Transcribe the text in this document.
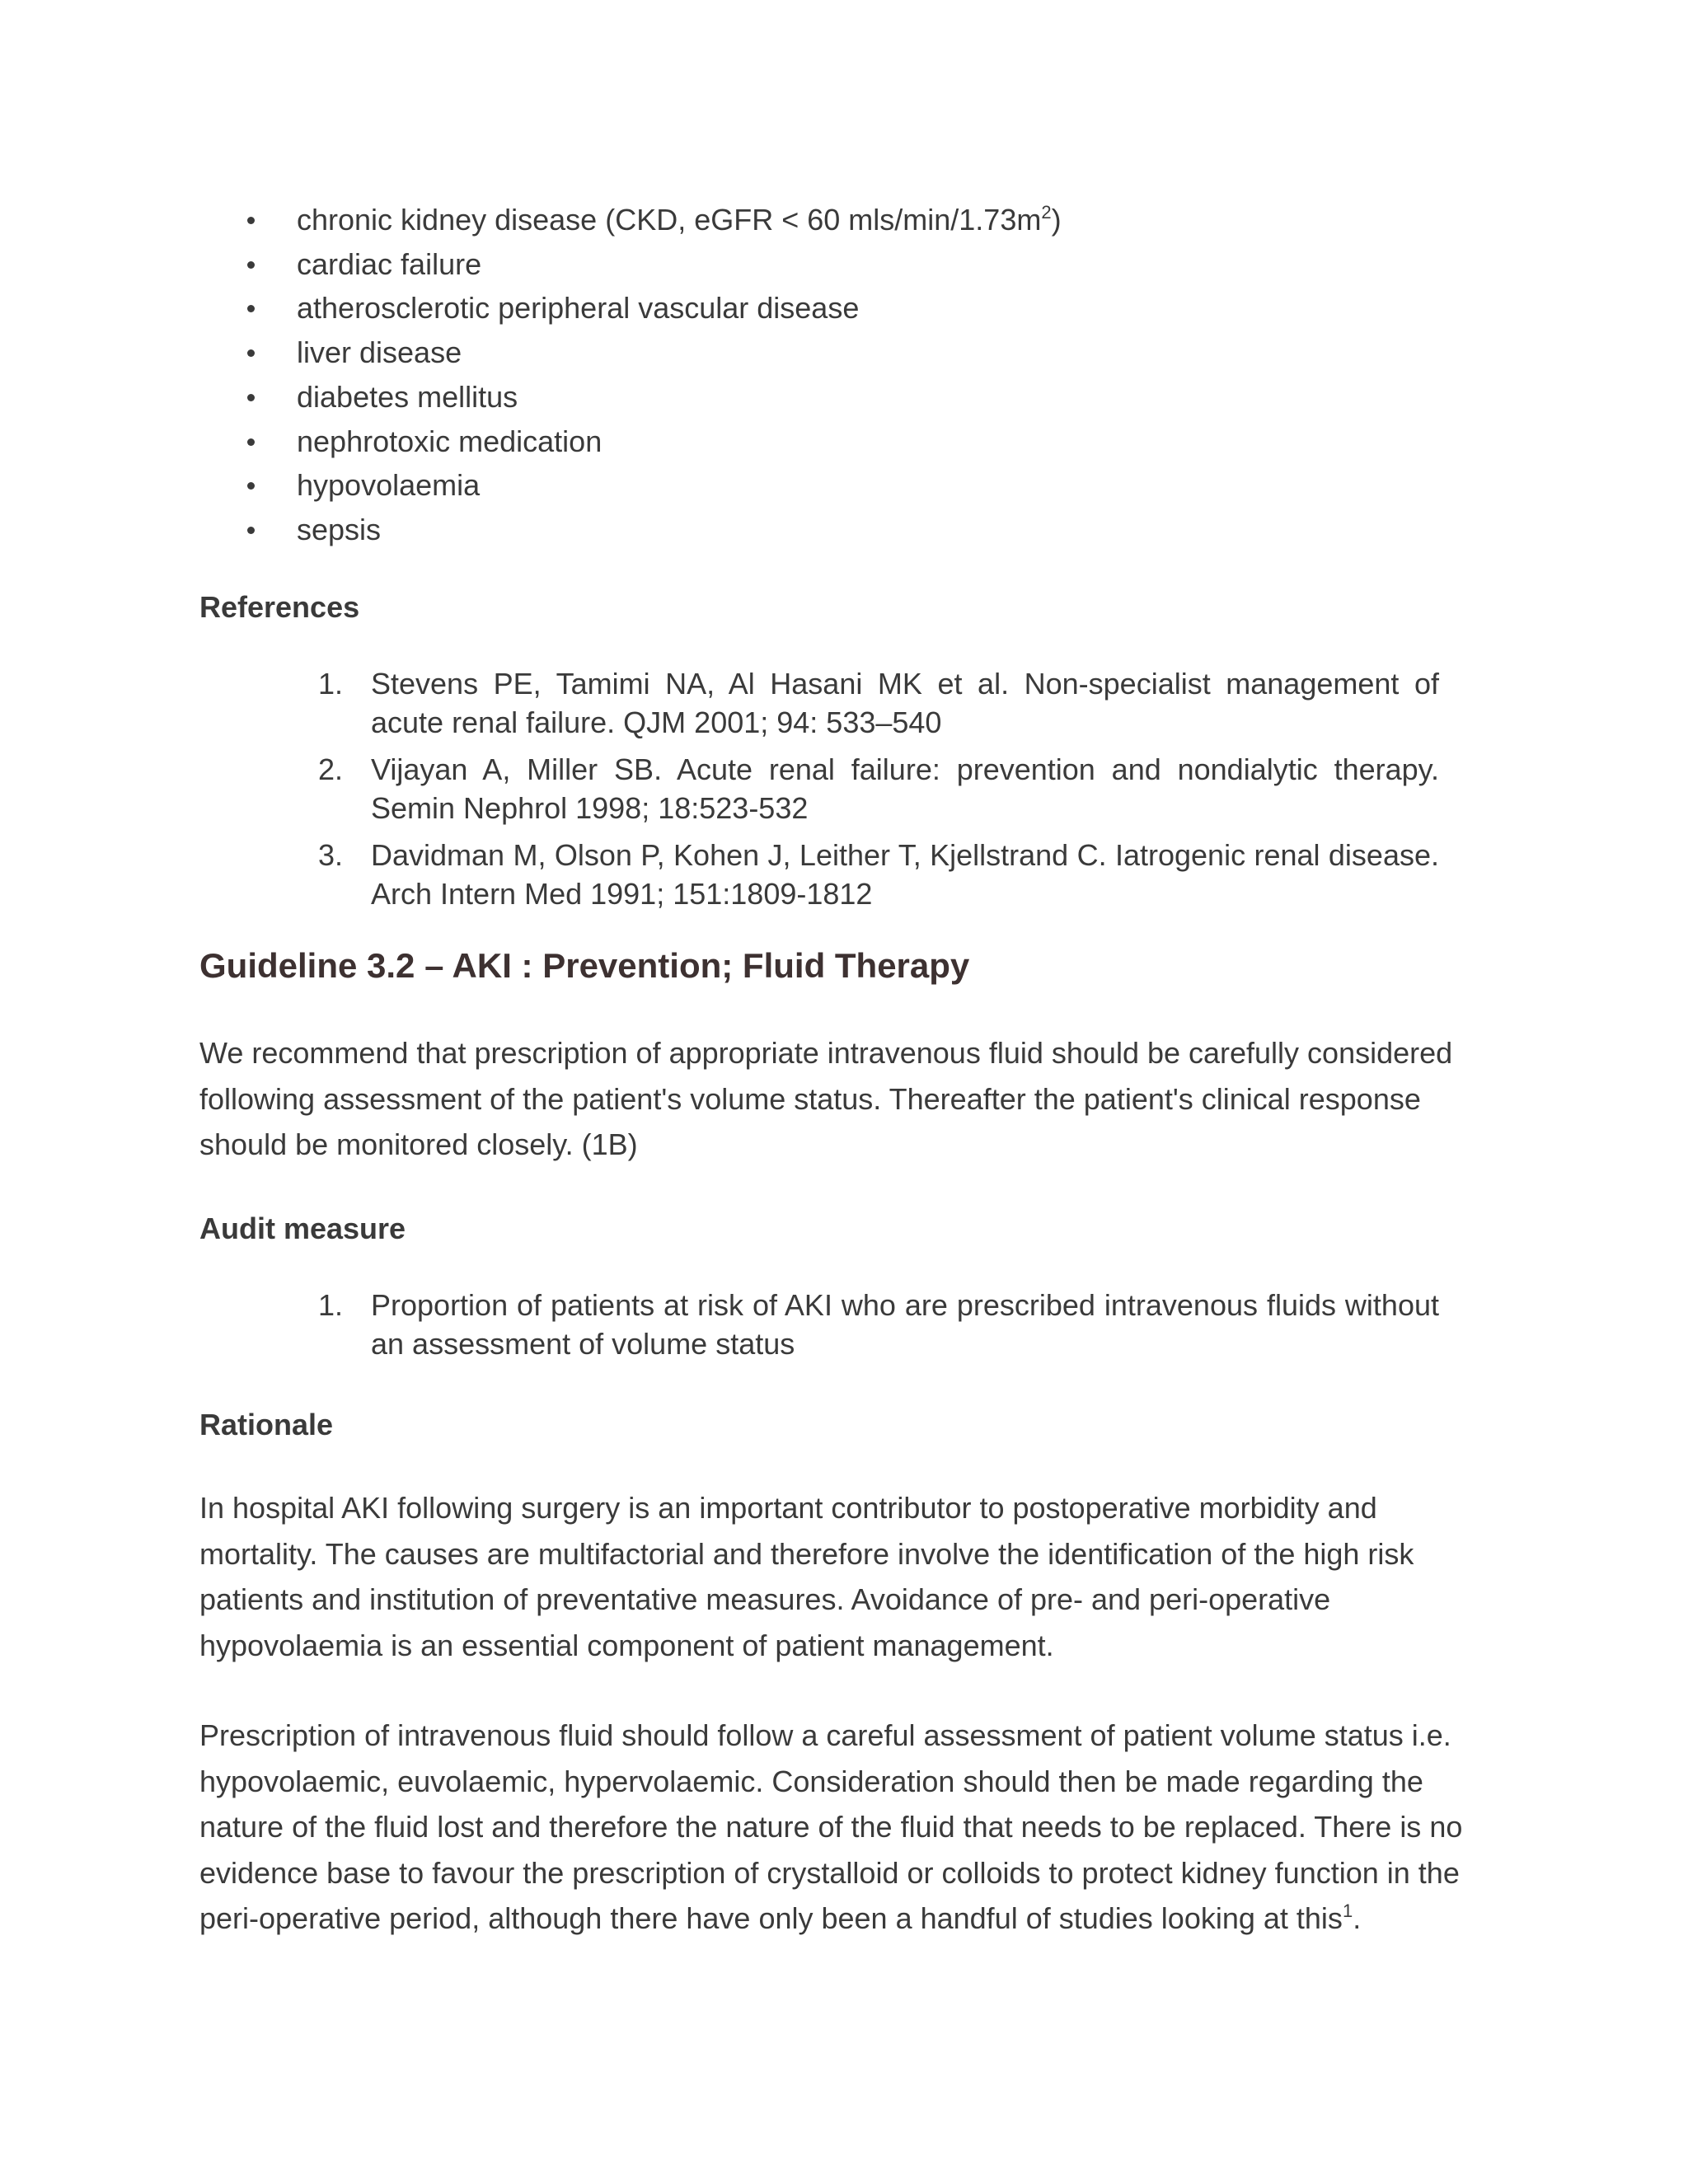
chronic kidney disease (CKD, eGFR < 60 mls/$\min/1.73m^2$)
cardiac failure
atherosclerotic peripheral vascular disease
liver disease
diabetes mellitus
nephrotoxic medication
hypovolaemia
sepsis
References
1. Stevens PE, Tamimi NA, Al Hasani MK et al. Non-specialist management of acute renal failure. QJM 2001; 94: 533–540
2. Vijayan A, Miller SB. Acute renal failure: prevention and nondialytic therapy. Semin Nephrol 1998; 18:523-532
3. Davidman M, Olson P, Kohen J, Leither T, Kjellstrand C. Iatrogenic renal disease. Arch Intern Med 1991; 151:1809-1812
Guideline 3.2 – AKI : Prevention; Fluid Therapy

We recommend that prescription of appropriate intravenous fluid should be carefully considered following assessment of the patient's volume status. Thereafter the patient's clinical response should be monitored closely. (1B)

Audit measure
1. Proportion of patients at risk of AKI who are prescribed intravenous fluids without an assessment of volume status
Rationale

In hospital AKI following surgery is an important contributor to postoperative morbidity and mortality. The causes are multifactorial and therefore involve the identification of the high risk patients and institution of preventative measures. Avoidance of pre- and peri-operative hypovolaemia is an essential component of patient management.

Prescription of intravenous fluid should follow a careful assessment of patient volume status i.e. hypovolaemic, euvolaemic, hypervolaemic. Consideration should then be made regarding the nature of the fluid lost and therefore the nature of the fluid that needs to be replaced. There is no evidence base to favour the prescription of crystalloid or colloids to protect kidney function in the peri-operative period, although there have only been a handful of studies looking at this$^1$.
